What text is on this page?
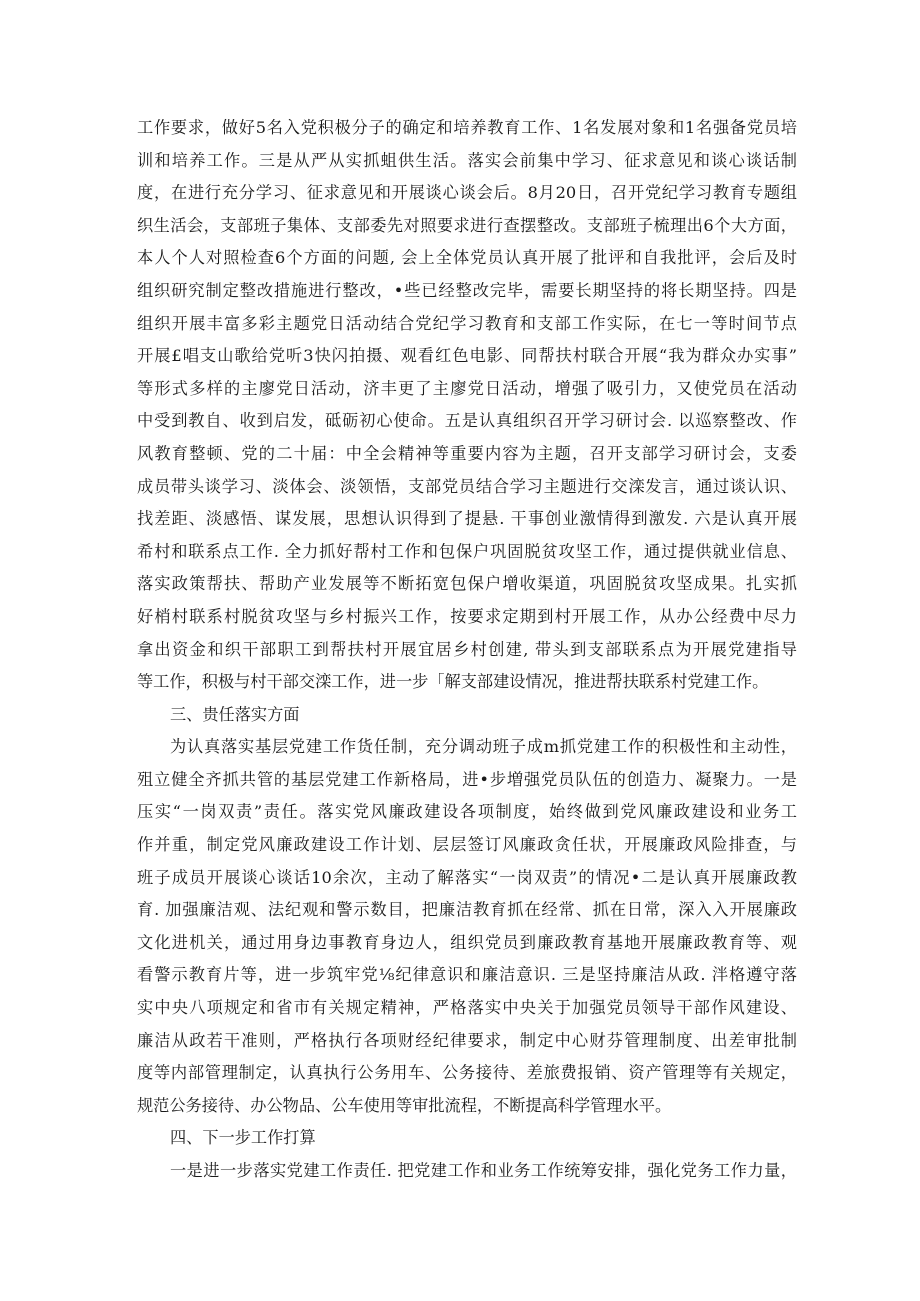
工作要求，做好5名入党积极分子的确定和培养教育工作、1名发展对象和1名强备党员培
训和培养工作。三是从严从实抓蛆供生活。落实会前集中学习、征求意见和谈心谈话制
度，在进行充分学习、征求意见和开展谈心谈会后。8月20日，召开党纪学习教育专题组
织生活会，支部班子集体、支部委先对照要求进行查摆整改。支部班子梳理出6个大方面，
本人个人对照检查6个方面的问题, 会上全体党员认真开展了批评和自我批评，会后及时
组织研究制定整改措施进行整改，•些已经整改完毕，需要长期坚持的将长期坚持。四是
组织开展丰富多彩主题党日活动结合党纪学习教育和支部工作实际，在七一等时间节点
开展£唱支山歌给党听3快闪拍摄、观看红色电影、同帮扶村联合开展“我为群众办实事”
等形式多样的主廖党日活动，济丰更了主廖党日活动，增强了吸引力，又使党员在活动
中受到教自、收到启发，砥砺初心使命。五是认真组织召开学习研讨会. 以巡察整改、作
风教育整顿、党的二十届：中全会精神等重要内容为主题，召开支部学习研讨会，支委
成员带头谈学习、淡体会、淡领悟，支部党员结合学习主题进行交滦发言，通过谈认识、
找差距、淡感悟、谋发展，思想认识得到了提悬. 干事创业激情得到激发. 六是认真开展
希村和联系点工作. 全力抓好帮村工作和包保户巩固脱贫攻坚工作，通过提供就业信息、
落实政策帮扶、帮助产业发展等不断拓宽包保户增收渠道，巩固脱贫攻坚成果。扎实抓
好梢村联系村脱贫攻坚与乡村振兴工作，按要求定期到村开展工作，从办公经费中尽力
拿出资金和织干部职工到帮扶村开展宜居乡村创建, 带头到支部联系点为开展党建指导
等工作，积极与村干部交滦工作，进一步「解支部建设情况，推进帮扶联系村党建工作。
三、贵任落实方面
为认真落实基层党建工作货任制，充分调动班子成m抓党建工作的积极性和主动性，
殂立健全齐抓共管的基层党建工作新格局，进•步増强党员队伍的创造力、凝聚力。一是
压实“一岗双责”责任。落实党风廉政建设各项制度，始终做到党风廉政建设和业务工
作并重，制定党风廉政建设工作计划、层层签订风廉政贪任状，开展廉政风险排查，与
班子成员开展谈心谈话10余次，主动了解落实“一岗双责”的情况•二是认真开展廉政教
育. 加强廉洁观、法纪观和警示数目，把廉洁教育抓在经常、抓在日常，深入入开展廉政
文化进机关，通过用身边事教育身边人，组织党员到廉政教育基地开展廉政教育等、观
看警示教育片等，进一步筑牢党⅛纪律意识和廉洁意识. 三是坚持廉洁从政. 泮格遵守落
实中央八项规定和省市有关规定精神，严格落实中央关于加强党员领导干部作风建设、
廉洁从政若干准则，严格执行各项财经纪律要求，制定中心财芬管理制度、出差审批制
度等内部管理制定，认真执行公务用车、公务接待、差旅费报销、资产管理等有关规定，
规范公务接待、办公物品、公车使用等审批流程，不断提高科学管理水平。
四、下一步工作打算
一是进一步落实党建工作责任. 把党建工作和业务工作统筹安排，强化党务工作力量，
